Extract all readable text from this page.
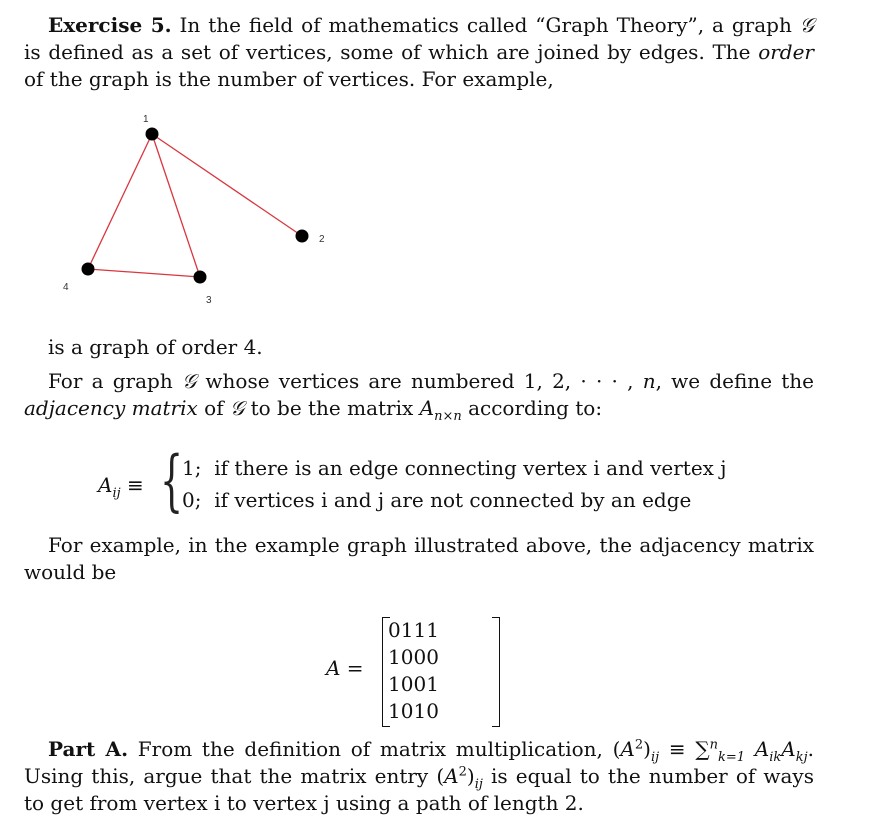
Exercise 5. In the field of mathematics called “Graph Theory”, a graph 𝒢 is defined as a set of vertices, some of which are joined by edges. The order of the graph is the number of vertices. For example,

1
2
3
4

is a graph of order 4.

For a graph 𝒢 whose vertices are numbered 1, 2, · · · , n, we define the adjacency matrix of 𝒢 to be the matrix $A_{n\times n}$ according to:

$A_{ij}$ ≡ {
1; if there is an edge connecting vertex i and vertex j
0; if vertices i and j are not connected by an edge

For example, in the example graph illustrated above, the adjacency matrix would be

A =
0	1	1	1
1	0	0	0
1	0	0	1
1	0	1	0

Part A. From the definition of matrix multiplication, $(A^2)_{ij} \equiv \sum^n_{k=1}$ $A_{ik}A_{kj}$. Using this, argue that the matrix entry $(A^2)_{ij}$ is equal to the number of ways to get from vertex i to vertex j using a path of length 2.
